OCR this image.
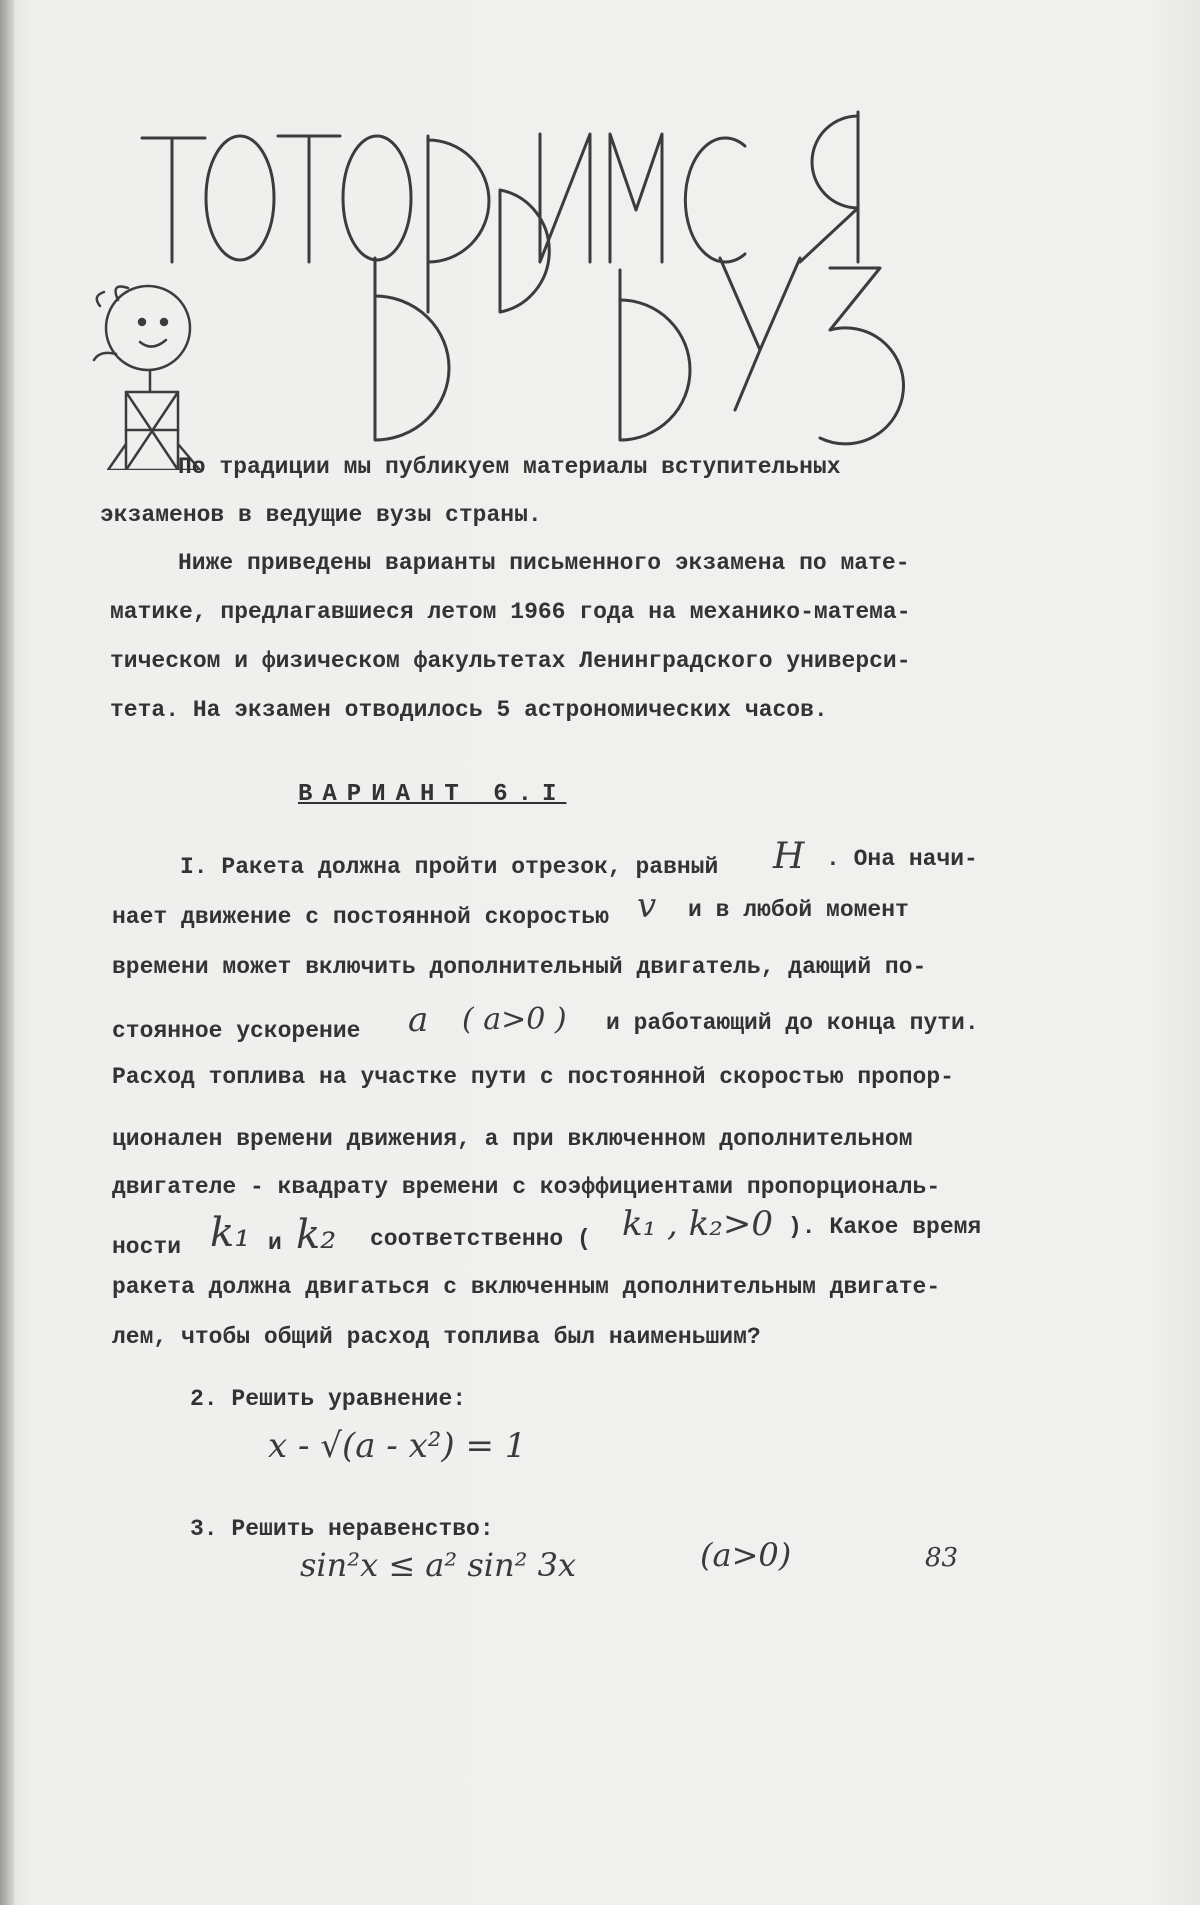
По традиции мы публикуем материалы вступительных
экзаменов в ведущие вузы страны.
Ниже приведены варианты письменного экзамена по мате-
матике, предлагавшиеся летом 1966 года на механико-матема-
тическом и физическом факультетах Ленинградского универси-
тета. На экзамен отводилось 5 астрономических часов.
ВАРИАНТ 6.I
I. Ракета должна пройти отрезок, равный H . Она начи-
нает движение с постоянной скоростью v и в любой момент
времени может включить дополнительный двигатель, дающий по-
стоянное ускорение a ( a>0 ) и работающий до конца пути.
Расход топлива на участке пути с постоянной скоростью пропор-
ционален времени движения, а при включенном дополнительном
двигателе - квадрату времени с коэффициентами пропорциональ-
ности k₁ и k₂ соответственно ( k₁ , k₂>0 ). Какое время
ракета должна двигаться с включенным дополнительным двигате-
лем, чтобы общий расход топлива был наименьшим?
2. Решить уравнение:
x - √(a - x²) = 1
3. Решить неравенство:
sin²x ≤ a² sin² 3x	(a>0)	83
